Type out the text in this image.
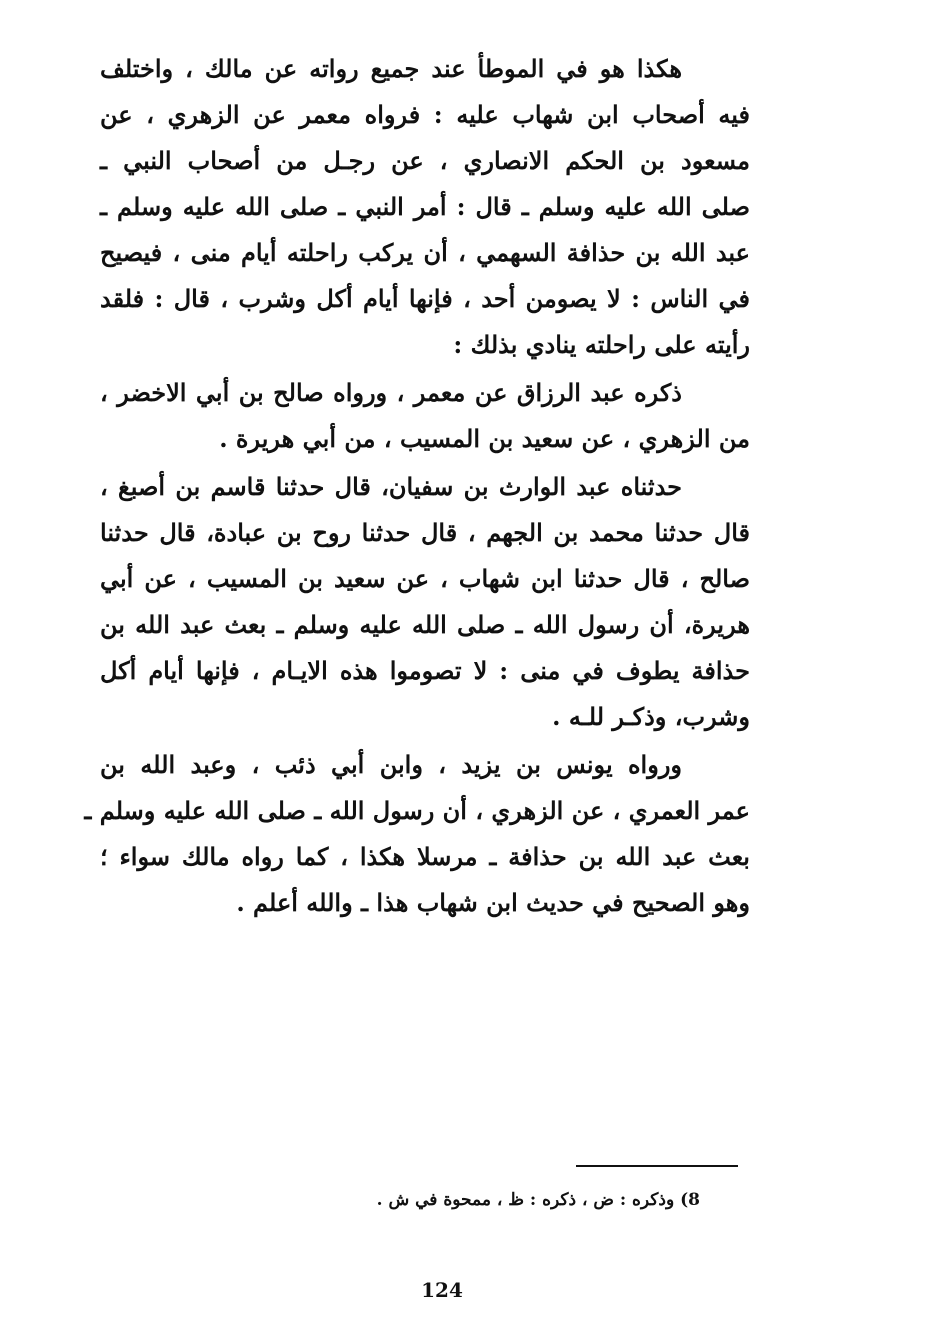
هكذا هو في الموطأ عند جميع رواته عن مالك ، واختلف
فيه أصحاب ابن شهاب عليه : فرواه معمر عن الزهري ، عن
مسعود بن الحكم الانصاري ، عن رجـل من أصحاب النبي ـ
صلى الله عليه وسلم ـ قال : أمر النبي ـ صلى الله عليه وسلم ـ
عبد الله بن حذافة السهمي ، أن يركب راحلته أيام منى ، فيصيح
في الناس : لا يصومن أحد ، فإنها أيام أكل وشرب ، قال : فلقد
رأيته على راحلته ينادي بذلك :
ذكره عبد الرزاق عن معمر ، ورواه صالح بن أبي الاخضر ،
من الزهري ، عن سعيد بن المسيب ، من أبي هريرة .
حدثناه عبد الوارث بن سفيان، قال حدثنا قاسم بن أصبغ ،
قال حدثنا محمد بن الجهم ، قال حدثنا روح بن عبادة، قال حدثنا
صالح ، قال حدثنا ابن شهاب ، عن سعيد بن المسيب ، عن أبي
هريرة، أن رسول الله ـ صلى الله عليه وسلم ـ بعث عبد الله بن
حذافة يطوف في منى : لا تصوموا هذه الايـام ، فإنها أيام أكل
وشرب، وذكـر للـه .
ورواه يونس بن يزيد ، وابن أبي ذئب ، وعبد الله بن
عمر العمري ، عن الزهري ، أن رسول الله ـ صلى الله عليه وسلم ـ
بعث عبد الله بن حذافة ـ مرسلا هكذا ، كما رواه مالك سواء ؛
وهو الصحيح في حديث ابن شهاب هذا ـ والله أعلم .
8) وذكره : ض ، ذكره : ظ ، ممحوة في ش .
124
